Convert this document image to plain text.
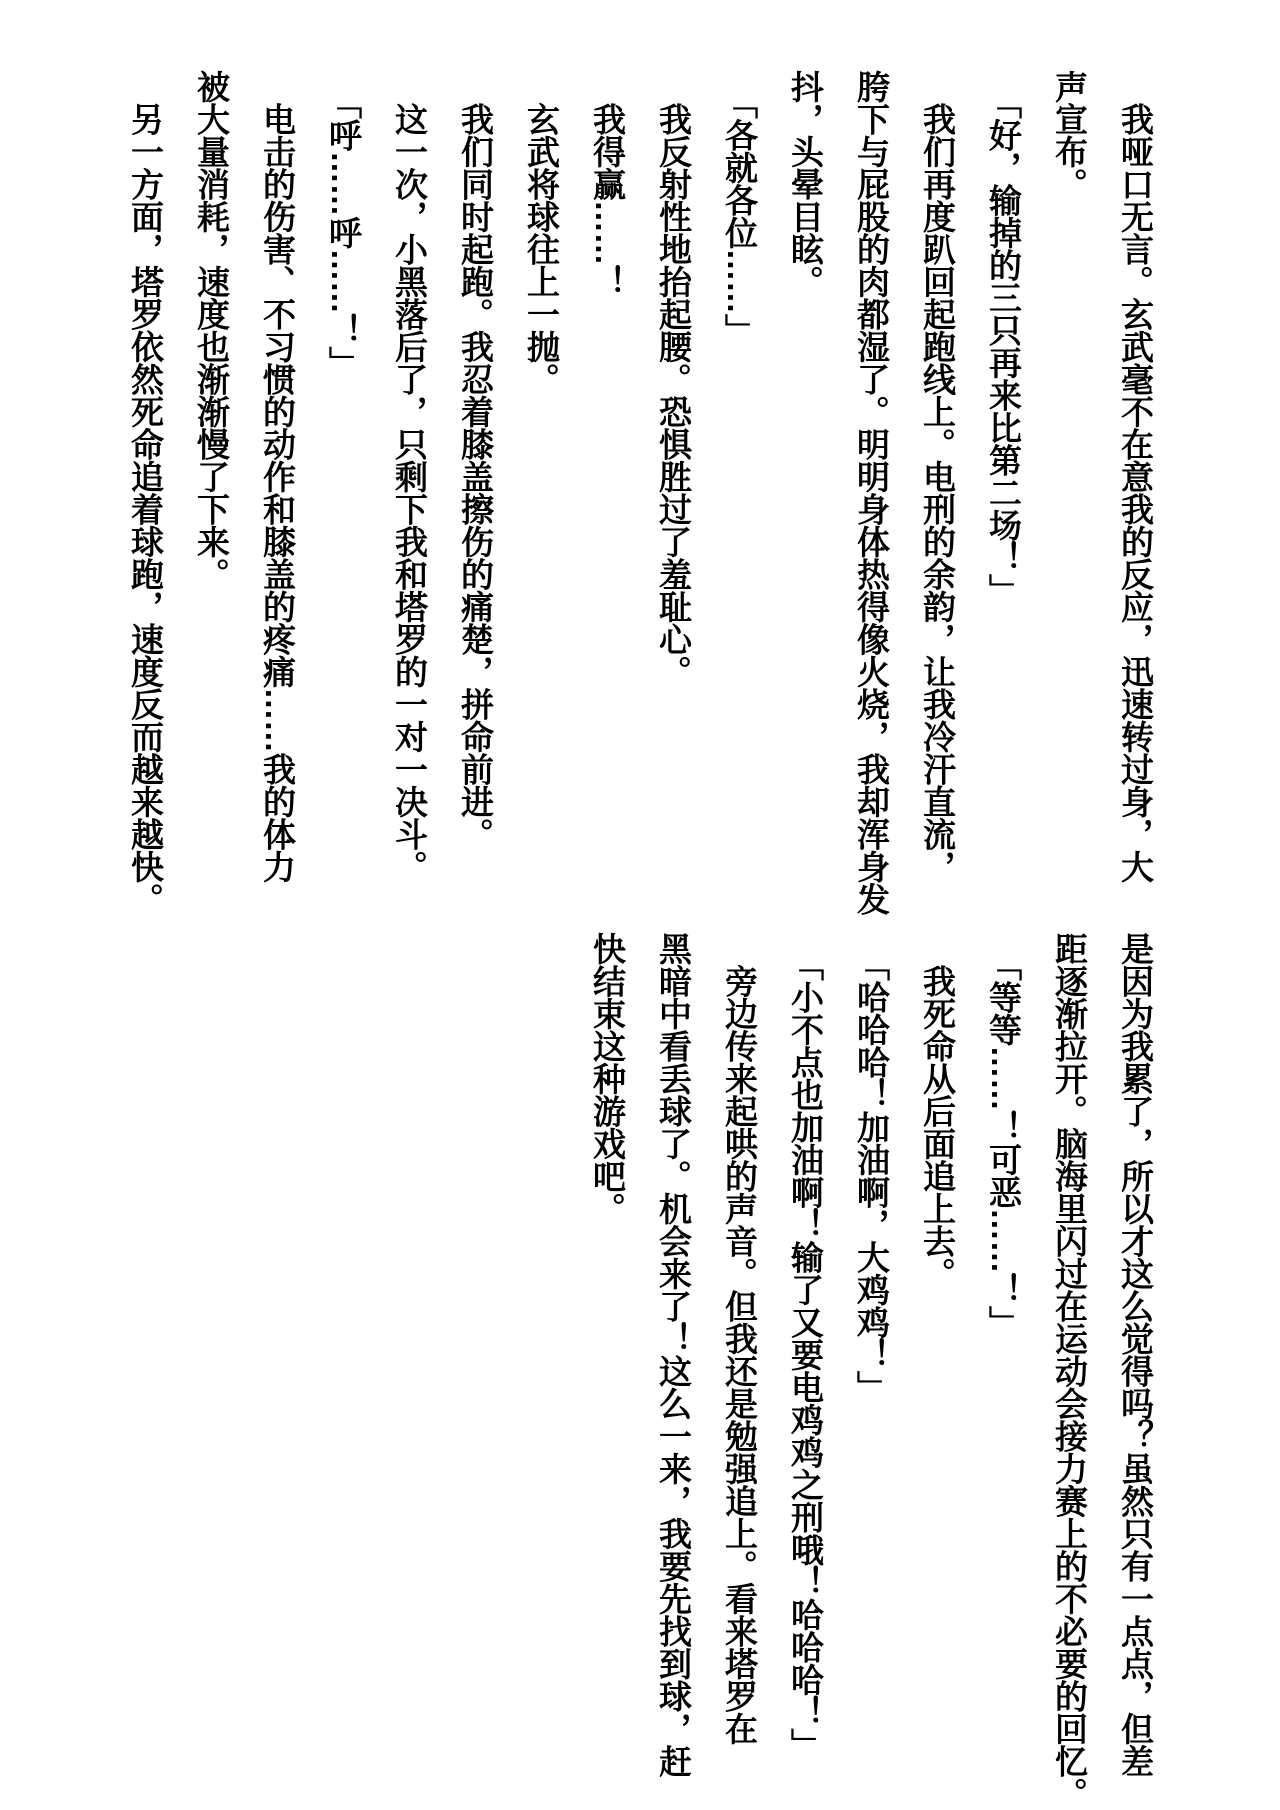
　我哑口无言。玄武毫不在意我的反应，迅速转过身，大
声宣布。
　「好，输掉的三只再来比第二场！」
　我们再度趴回起跑线上。电刑的余韵，让我冷汗直流，
胯下与屁股的肉都湿了。明明身体热得像火烧，我却浑身发
抖，头晕目眩。
　「各就各位……」
　我反射性地抬起腰。恐惧胜过了羞耻心。
　我得赢……！
　玄武将球往上一抛。
　我们同时起跑。我忍着膝盖擦伤的痛楚，拼命前进。
　这一次，小黑落后了，只剩下我和塔罗的一对一决斗。
　「呼……呼……！」
　电击的伤害、不习惯的动作和膝盖的疼痛……我的体力
被大量消耗，速度也渐渐慢了下来。
　另一方面，塔罗依然死命追着球跑，速度反而越来越快。
是因为我累了，所以才这么觉得吗？虽然只有一点点，但差
距逐渐拉开。脑海里闪过在运动会接力赛上的不必要的回忆。
　「等等……！可恶……！」
　我死命从后面追上去。
　「哈哈哈！加油啊，大鸡鸡！」
　「小不点也加油啊！输了又要电鸡鸡之刑哦！哈哈哈！」
　旁边传来起哄的声音。但我还是勉强追上。看来塔罗在
黑暗中看丢球了。机会来了！这么一来，我要先找到球，赶
快结束这种游戏吧。
